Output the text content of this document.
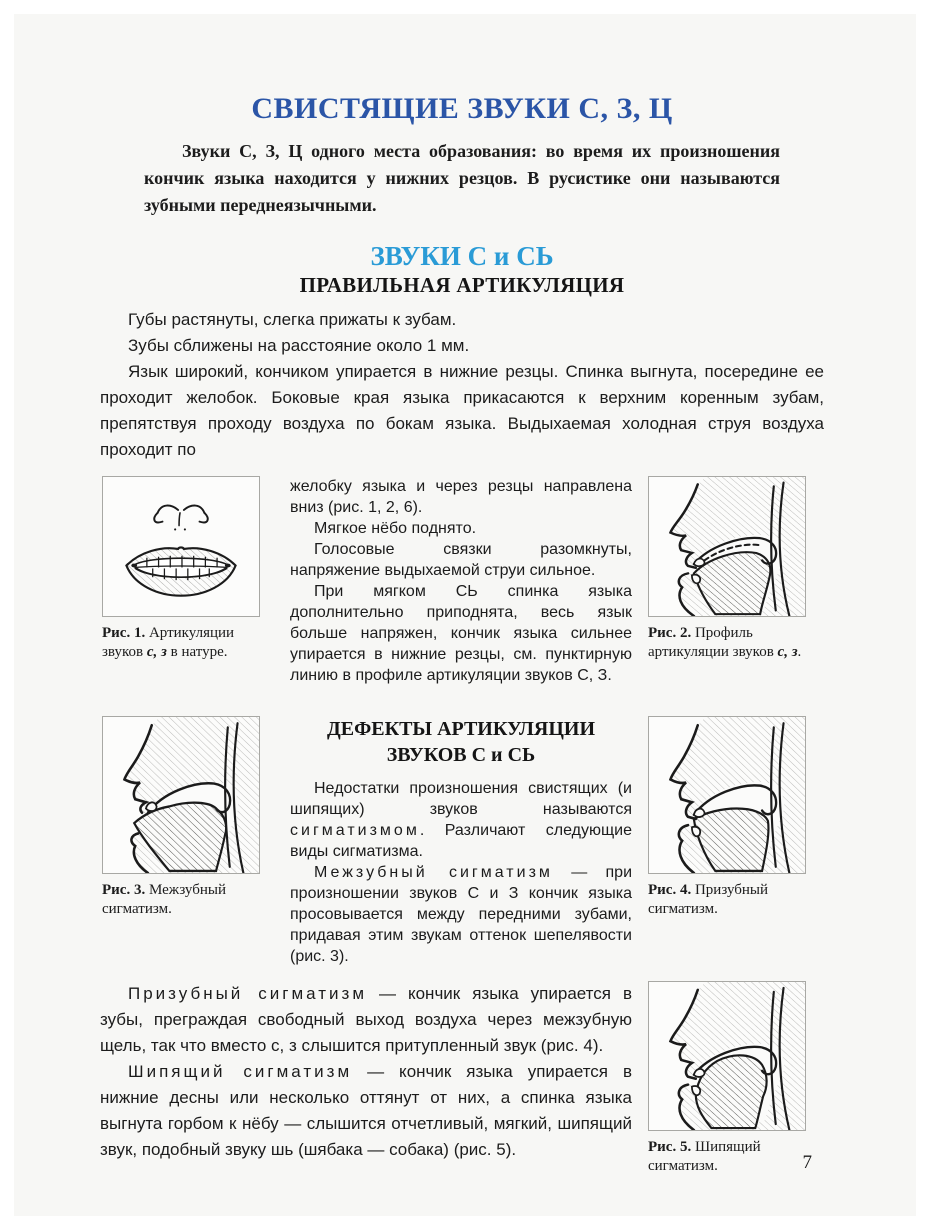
СВИСТЯЩИЕ ЗВУКИ С, З, Ц

Звуки С, З, Ц одного места образования: во время их произношения кончик языка находится у нижних резцов. В русистике они называются зубными переднеязычными.

ЗВУКИ С и СЬ
ПРАВИЛЬНАЯ АРТИКУЛЯЦИЯ

Губы растянуты, слегка прижаты к зубам.

Зубы сближены на расстояние около 1 мм.

Язык широкий, кончиком упирается в нижние резцы. Спинка выгнута, посередине ее проходит желобок. Боковые края языка прикасаются к верхним коренным зубам, препятствуя проходу воздуха по бокам языка. Выдыхаемая холодная струя воздуха проходит по

Рис. 1. Артикуляции звуков с, з в натуре.

желобку языка и через резцы направлена вниз (рис. 1, 2, 6).

Мягкое нёбо поднято.

Голосовые связки разомкнуты, напряжение выдыхаемой струи сильное.

При мягком СЬ спинка языка дополнительно приподнята, весь язык больше напряжен, кончик языка сильнее упирается в нижние резцы, см. пунктирную линию в профиле артикуляции звуков С, З.

Рис. 2. Профиль артикуляции звуков с, з.

Рис. 3. Межзубный сигматизм.

ДЕФЕКТЫ АРТИКУЛЯЦИИ
ЗВУКОВ С и СЬ

Недостатки произношения свистящих (и шипящих) звуков называются сигматизмом. Различают следующие виды сигматизма.

Межзубный сигматизм — при произношении звуков С и З кончик языка просовывается между передними зубами, придавая этим звукам оттенок шепелявости (рис. 3).

Рис. 4. Призубный сигматизм.

Призубный сигматизм — кончик языка упирается в зубы, преграждая свободный выход воздуха через межзубную щель, так что вместо с, з слышится притупленный звук (рис. 4).

Шипящий сигматизм — кончик языка упирается в нижние десны или несколько оттянут от них, а спинка языка выгнута горбом к нёбу — слышится отчетливый, мягкий, шипящий звук, подобный звуку шь (шябака — собака) (рис. 5).	Рис. 5. Шипящий сигматизм.	7
